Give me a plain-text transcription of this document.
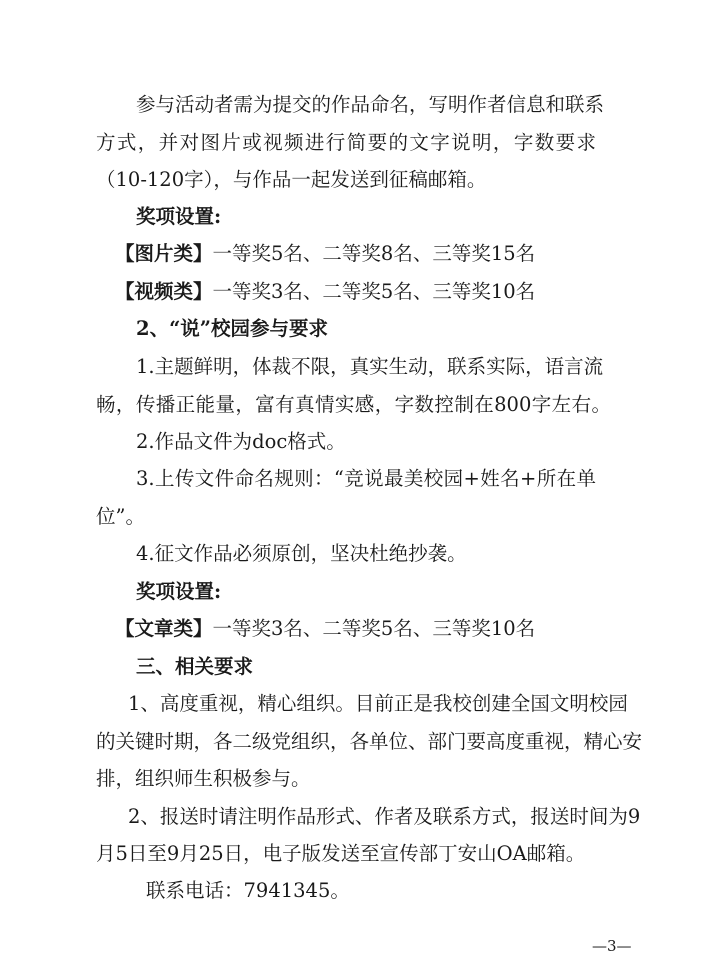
参与活动者需为提交的作品命名，写明作者信息和联系
方式，并对图片或视频进行简要的文字说明，字数要求
（10-120字），与作品一起发送到征稿邮箱。
奖项设置:
【图片类】一等奖5名、二等奖8名、三等奖15名
【视频类】一等奖3名、二等奖5名、三等奖10名
2、“说”校园参与要求
1.主题鲜明，体裁不限，真实生动，联系实际，语言流
畅，传播正能量，富有真情实感，字数控制在800字左右。
2.作品文件为doc格式。
3.上传文件命名规则：“竞说最美校园+姓名+所在单
位”。
4.征文作品必须原创，坚决杜绝抄袭。
奖项设置:
【文章类】一等奖3名、二等奖5名、三等奖10名
三、相关要求
1、高度重视，精心组织。目前正是我校创建全国文明校园
的关键时期，各二级党组织，各单位、部门要高度重视，精心安
排，组织师生积极参与。
2、报送时请注明作品形式、作者及联系方式，报送时间为9
月5日至9月25日，电子版发送至宣传部丁安山OA邮箱。
联系电话：7941345。
—3—
